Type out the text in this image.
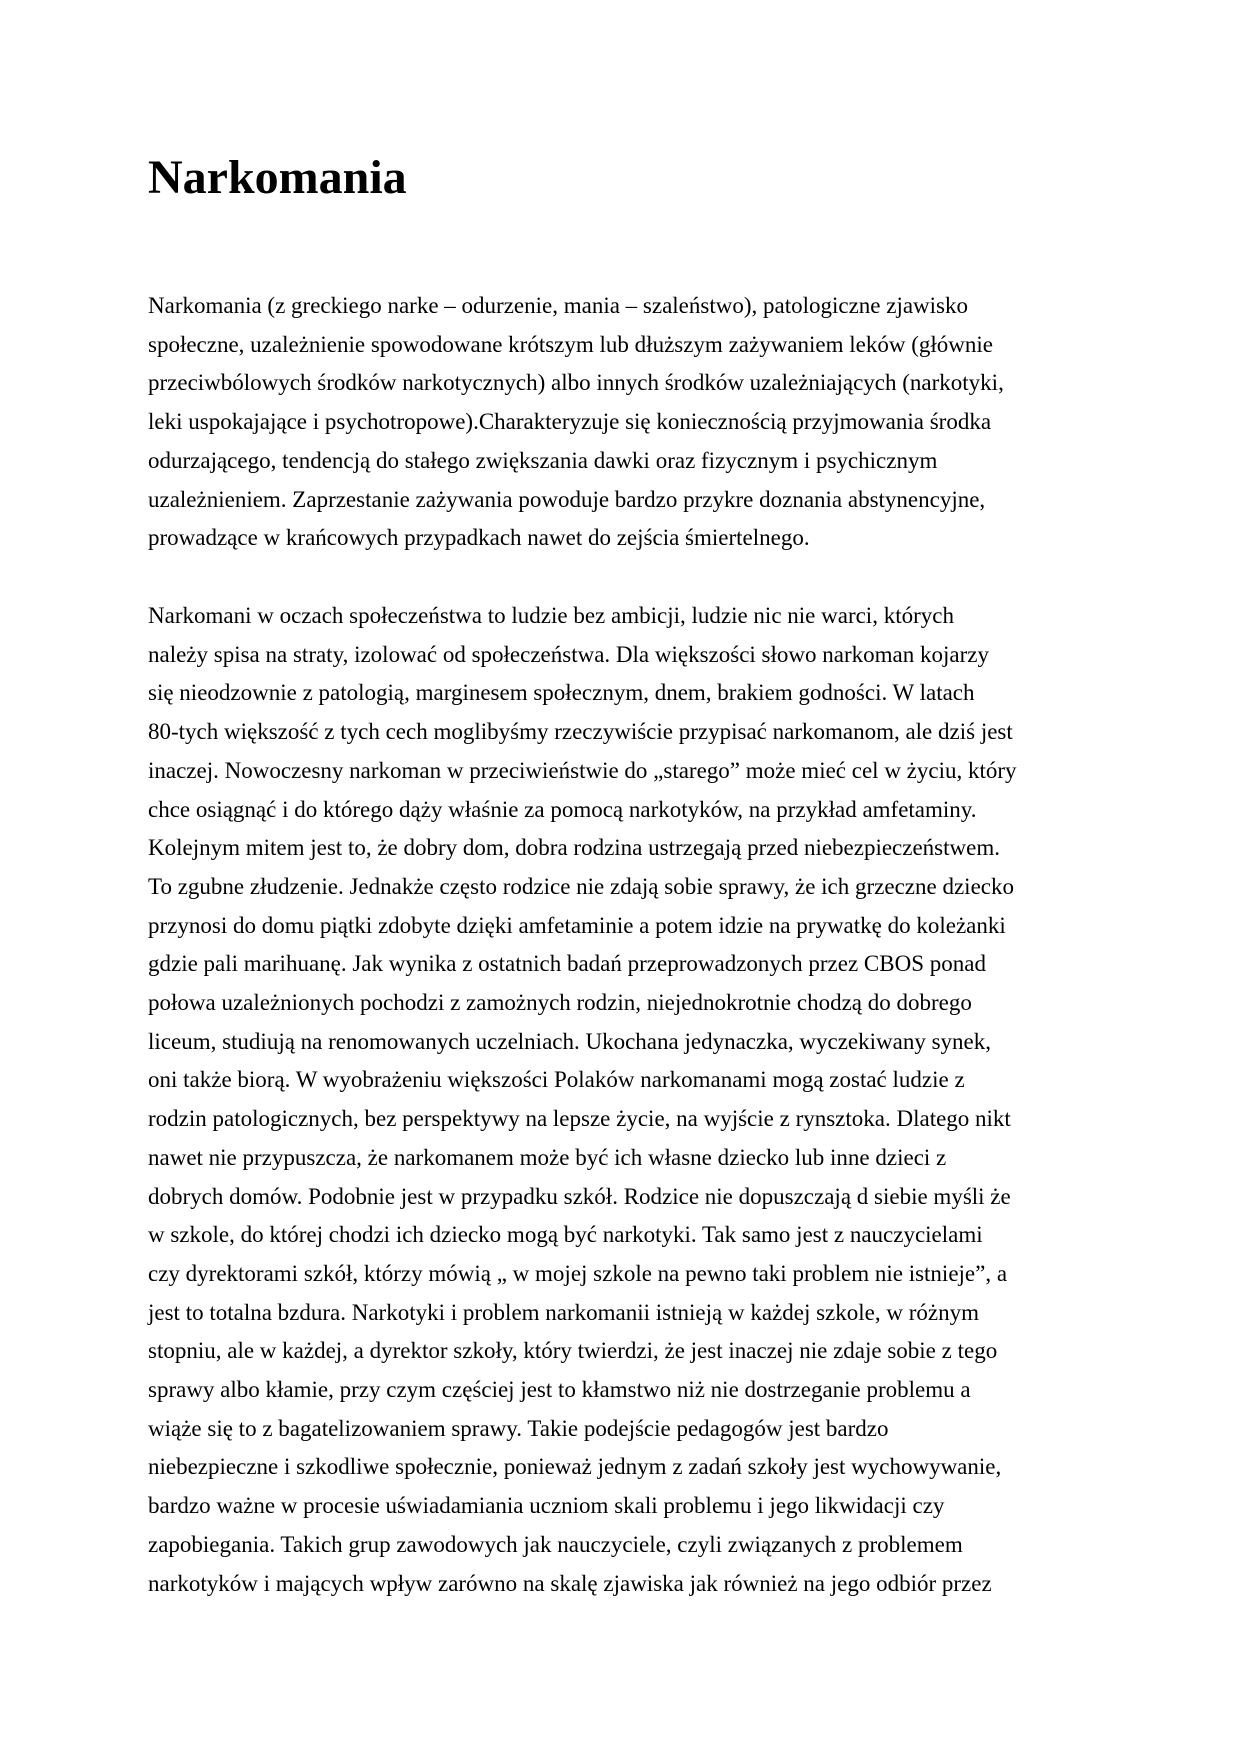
Narkomania
Narkomania (z greckiego narke – odurzenie, mania – szaleństwo), patologiczne zjawisko
społeczne, uzależnienie spowodowane krótszym lub dłuższym zażywaniem leków (głównie
przeciwbólowych środków narkotycznych) albo innych środków uzależniających (narkotyki,
leki uspokajające i psychotropowe).Charakteryzuje się koniecznością przyjmowania środka
odurzającego, tendencją do stałego zwiększania dawki oraz fizycznym i psychicznym
uzależnieniem. Zaprzestanie zażywania powoduje bardzo przykre doznania abstynencyjne,
prowadzące w krańcowych przypadkach nawet do zejścia śmiertelnego.
Narkomani w oczach społeczeństwa to ludzie bez ambicji, ludzie nic nie warci, których
należy spisa na straty, izolować od społeczeństwa. Dla większości słowo narkoman kojarzy
się nieodzownie z patologią, marginesem społecznym, dnem, brakiem godności. W latach
80-tych większość z tych cech moglibyśmy rzeczywiście przypisać narkomanom, ale dziś jest
inaczej. Nowoczesny narkoman w przeciwieństwie do „starego” może mieć cel w życiu, który
chce osiągnąć i do którego dąży właśnie za pomocą narkotyków, na przykład amfetaminy.
Kolejnym mitem jest to, że dobry dom, dobra rodzina ustrzegają przed niebezpieczeństwem.
To zgubne złudzenie. Jednakże często rodzice nie zdają sobie sprawy, że ich grzeczne dziecko
przynosi do domu piątki zdobyte dzięki amfetaminie a potem idzie na prywatkę do koleżanki
gdzie pali marihuanę. Jak wynika z ostatnich badań przeprowadzonych przez CBOS ponad
połowa uzależnionych pochodzi z zamożnych rodzin, niejednokrotnie chodzą do dobrego
liceum, studiują na renomowanych uczelniach. Ukochana jedynaczka, wyczekiwany synek,
oni także biorą. W wyobrażeniu większości Polaków narkomanami mogą zostać ludzie z
rodzin patologicznych, bez perspektywy na lepsze życie, na wyjście z rynsztoka. Dlatego nikt
nawet nie przypuszcza, że narkomanem może być ich własne dziecko lub inne dzieci z
dobrych domów. Podobnie jest w przypadku szkół. Rodzice nie dopuszczają d siebie myśli że
w szkole, do której chodzi ich dziecko mogą być narkotyki. Tak samo jest z nauczycielami
czy dyrektorami szkół, którzy mówią „ w mojej szkole na pewno taki problem nie istnieje”, a
jest to totalna bzdura. Narkotyki i problem narkomanii istnieją w każdej szkole, w różnym
stopniu, ale w każdej, a dyrektor szkoły, który twierdzi, że jest inaczej nie zdaje sobie z tego
sprawy albo kłamie, przy czym częściej jest to kłamstwo niż nie dostrzeganie problemu a
wiąże się to z bagatelizowaniem sprawy. Takie podejście pedagogów jest bardzo
niebezpieczne i szkodliwe społecznie, ponieważ jednym z zadań szkoły jest wychowywanie,
bardzo ważne w procesie uświadamiania uczniom skali problemu i jego likwidacji czy
zapobiegania. Takich grup zawodowych jak nauczyciele, czyli związanych z problemem
narkotyków i mających wpływ zarówno na skalę zjawiska jak również na jego odbiór przez
